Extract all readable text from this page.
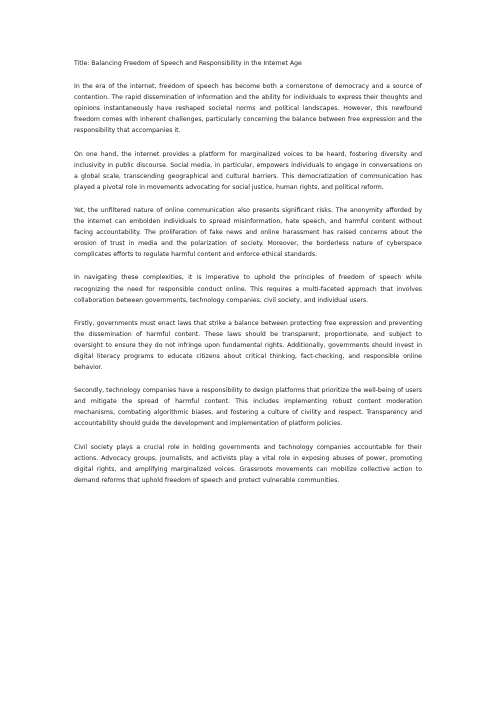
Title: Balancing Freedom of Speech and Responsibility in the Internet Age

In the era of the internet, freedom of speech has become both a cornerstone of democracy and a source of contention. The rapid dissemination of information and the ability for individuals to express their thoughts and opinions instantaneously have reshaped societal norms and political landscapes. However, this newfound freedom comes with inherent challenges, particularly concerning the balance between free expression and the responsibility that accompanies it.

On one hand, the internet provides a platform for marginalized voices to be heard, fostering diversity and inclusivity in public discourse. Social media, in particular, empowers individuals to engage in conversations on a global scale, transcending geographical and cultural barriers. This democratization of communication has played a pivotal role in movements advocating for social justice, human rights, and political reform.

Yet, the unfiltered nature of online communication also presents significant risks. The anonymity afforded by the internet can embolden individuals to spread misinformation, hate speech, and harmful content without facing accountability. The proliferation of fake news and online harassment has raised concerns about the erosion of trust in media and the polarization of society. Moreover, the borderless nature of cyberspace complicates efforts to regulate harmful content and enforce ethical standards.

In navigating these complexities, it is imperative to uphold the principles of freedom of speech while recognizing the need for responsible conduct online. This requires a multi-faceted approach that involves collaboration between governments, technology companies, civil society, and individual users.

Firstly, governments must enact laws that strike a balance between protecting free expression and preventing the dissemination of harmful content. These laws should be transparent, proportionate, and subject to oversight to ensure they do not infringe upon fundamental rights. Additionally, governments should invest in digital literacy programs to educate citizens about critical thinking, fact-checking, and responsible online behavior.

Secondly, technology companies have a responsibility to design platforms that prioritize the well-being of users and mitigate the spread of harmful content. This includes implementing robust content moderation mechanisms, combating algorithmic biases, and fostering a culture of civility and respect. Transparency and accountability should guide the development and implementation of platform policies.

Civil society plays a crucial role in holding governments and technology companies accountable for their actions. Advocacy groups, journalists, and activists play a vital role in exposing abuses of power, promoting digital rights, and amplifying marginalized voices. Grassroots movements can mobilize collective action to demand reforms that uphold freedom of speech and protect vulnerable communities.
